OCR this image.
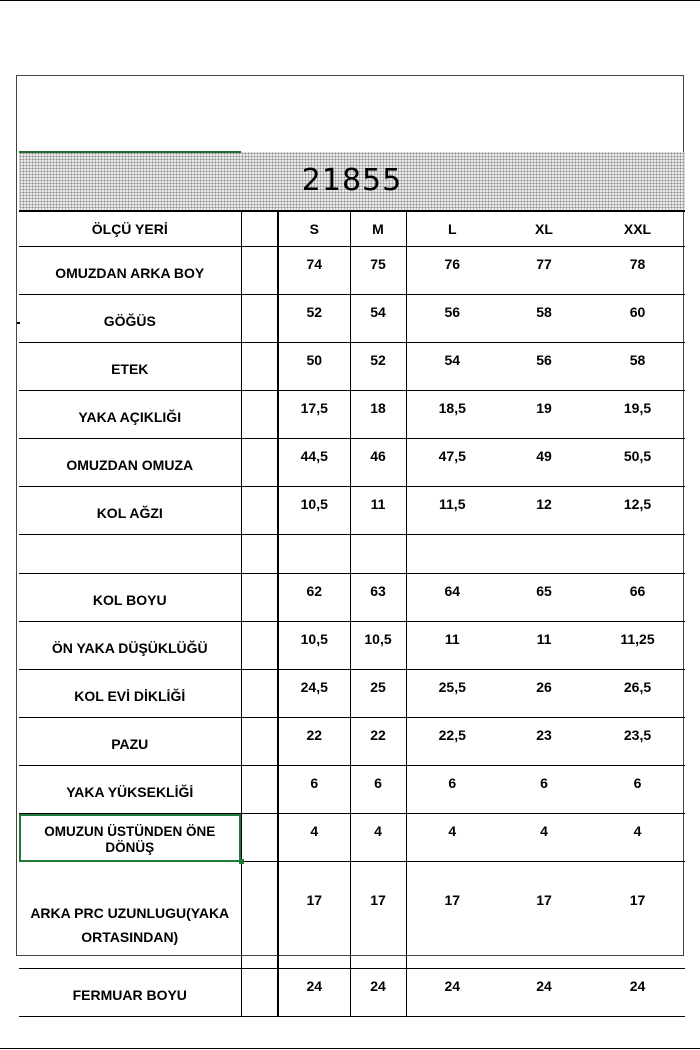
21855
ÖLÇÜ YERİ		S	M	L	XL	XXL
OMUZDAN ARKA BOY		74	75	76	77	78
GÖĞÜS		52	54	56	58	60
ETEK		50	52	54	56	58
YAKA AÇIKLIĞI		17,5	18	18,5	19	19,5
OMUZDAN OMUZA		44,5	46	47,5	49	50,5
KOL AĞZI		10,5	11	11,5	12	12,5

KOL BOYU		62	63	64	65	66
ÖN YAKA DÜŞÜKLÜĞÜ		10,5	10,5	11	11	11,25
KOL EVİ DİKLİĞİ		24,5	25	25,5	26	26,5
PAZU		22	22	22,5	23	23,5
YAKA YÜKSEKLİĞİ		6	6	6	6	6
OMUZUN ÜSTÜNDEN ÖNE DÖNÜŞ		4	4	4	4	4
ARKA PRC UZUNLUGU(YAKA ORTASINDAN)		17	17	17	17	17
FERMUAR BOYU		24	24	24	24	24
